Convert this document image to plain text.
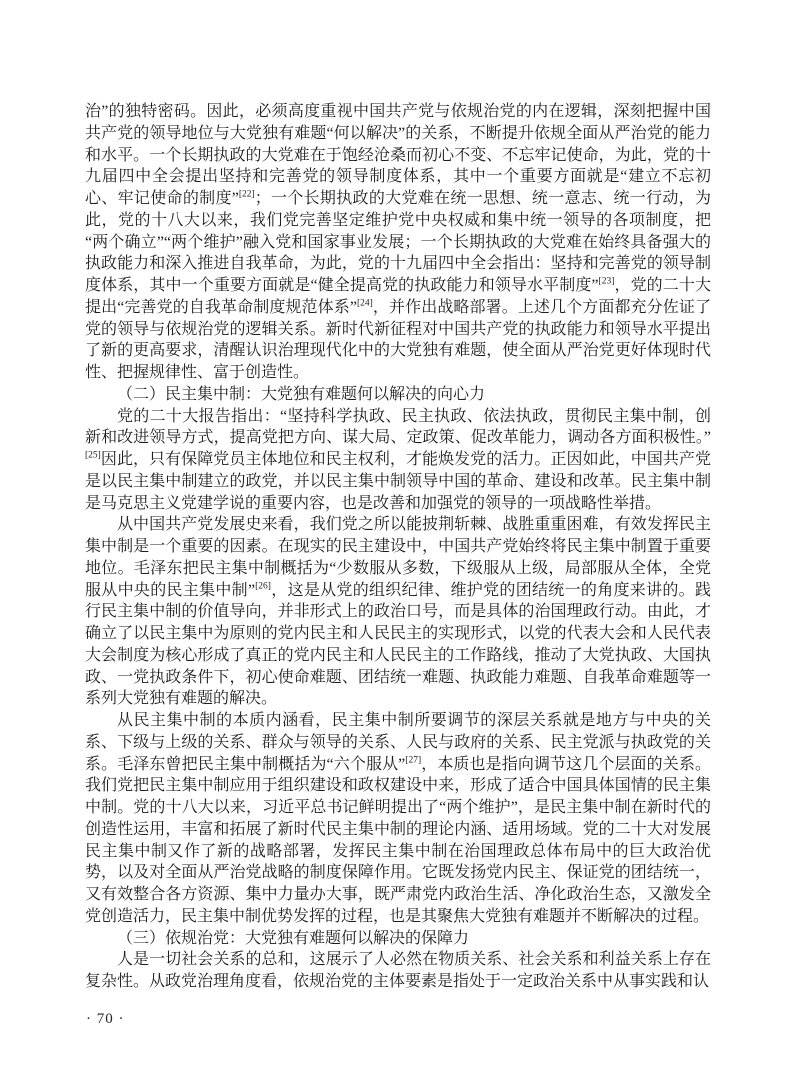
治”的独特密码。因此，必须高度重视中国共产党与依规治党的内在逻辑，深刻把握中国共产党的领导地位与大党独有难题“何以解决”的关系，不断提升依规全面从严治党的能力和水平。一个长期执政的大党难在于饱经沧桑而初心不变、不忘牢记使命，为此，党的十九届四中全会提出坚持和完善党的领导制度体系，其中一个重要方面就是“建立不忘初心、牢记使命的制度”[22]；一个长期执政的大党难在统一思想、统一意志、统一行动，为此，党的十八大以来，我们党完善坚定维护党中央权威和集中统一领导的各项制度，把“两个确立”“两个维护”融入党和国家事业发展；一个长期执政的大党难在始终具备强大的执政能力和深入推进自我革命，为此，党的十九届四中全会指出：坚持和完善党的领导制度体系，其中一个重要方面就是“健全提高党的执政能力和领导水平制度”[23]，党的二十大提出“完善党的自我革命制度规范体系”[24]，并作出战略部署。上述几个方面都充分佐证了党的领导与依规治党的逻辑关系。新时代新征程对中国共产党的执政能力和领导水平提出了新的更高要求，清醒认识治理现代化中的大党独有难题，使全面从严治党更好体现时代性、把握规律性、富于创造性。

（二）民主集中制：大党独有难题何以解决的向心力

党的二十大报告指出：“坚持科学执政、民主执政、依法执政，贯彻民主集中制，创新和改进领导方式，提高党把方向、谋大局、定政策、促改革能力，调动各方面积极性。”[25]因此，只有保障党员主体地位和民主权利，才能焕发党的活力。正因如此，中国共产党是以民主集中制建立的政党，并以民主集中制领导中国的革命、建设和改革。民主集中制是马克思主义党建学说的重要内容，也是改善和加强党的领导的一项战略性举措。

从中国共产党发展史来看，我们党之所以能披荆斩棘、战胜重重困难，有效发挥民主集中制是一个重要的因素。在现实的民主建设中，中国共产党始终将民主集中制置于重要地位。毛泽东把民主集中制概括为“少数服从多数，下级服从上级，局部服从全体，全党服从中央的民主集中制”[26]，这是从党的组织纪律、维护党的团结统一的角度来讲的。践行民主集中制的价值导向，并非形式上的政治口号，而是具体的治国理政行动。由此，才确立了以民主集中为原则的党内民主和人民民主的实现形式，以党的代表大会和人民代表大会制度为核心形成了真正的党内民主和人民民主的工作路线，推动了大党执政、大国执政、一党执政条件下，初心使命难题、团结统一难题、执政能力难题、自我革命难题等一系列大党独有难题的解决。

从民主集中制的本质内涵看，民主集中制所要调节的深层关系就是地方与中央的关系、下级与上级的关系、群众与领导的关系、人民与政府的关系、民主党派与执政党的关系。毛泽东曾把民主集中制概括为“六个服从”[27]，本质也是指向调节这几个层面的关系。我们党把民主集中制应用于组织建设和政权建设中来，形成了适合中国具体国情的民主集中制。党的十八大以来，习近平总书记鲜明提出了“两个维护”，是民主集中制在新时代的创造性运用，丰富和拓展了新时代民主集中制的理论内涵、适用场域。党的二十大对发展民主集中制又作了新的战略部署，发挥民主集中制在治国理政总体布局中的巨大政治优势，以及对全面从严治党战略的制度保障作用。它既发扬党内民主、保证党的团结统一，又有效整合各方资源、集中力量办大事，既严肃党内政治生活、净化政治生态，又激发全党创造活力，民主集中制优势发挥的过程，也是其聚焦大党独有难题并不断解决的过程。

（三）依规治党：大党独有难题何以解决的保障力

人是一切社会关系的总和，这展示了人必然在物质关系、社会关系和利益关系上存在复杂性。从政党治理角度看，依规治党的主体要素是指处于一定政治关系中从事实践和认

· 70 ·
